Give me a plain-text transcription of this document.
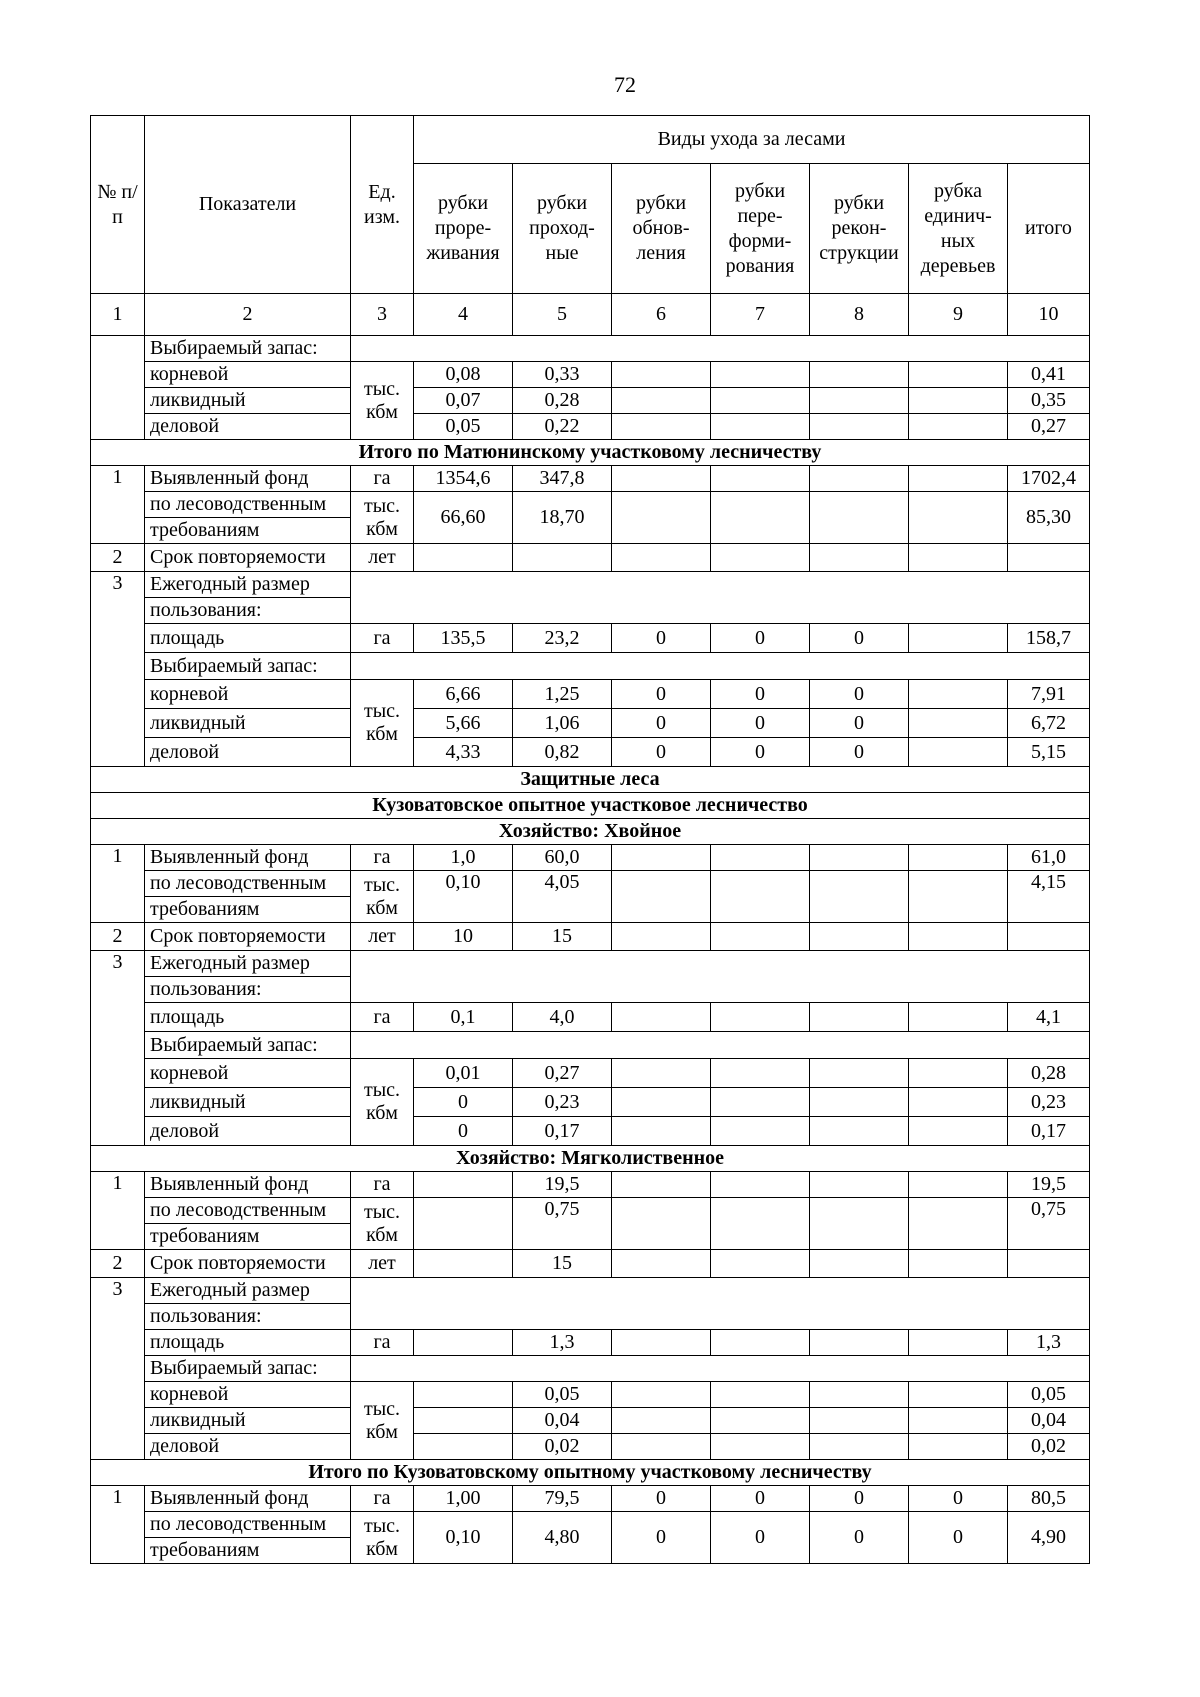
72
№ п/п	Показатели	Ед. изм.	Виды ухода за лесами						
			рубки проре-живания	рубки проход-ные	рубки обнов-ления	рубки пере-форми-рования	рубки рекон-струкции	рубка единич-ных деревьев	итого
1	2	3	4	5	6	7	8	9	10
	Выбираемый запас:								
	корневой	тыс. кбм	0,08	0,33					0,41
	ликвидный		0,07	0,28					0,35
	деловой		0,05	0,22					0,27
Итого по Матюнинскому участковому лесничеству									
1	Выявленный фонд	га	1354,6	347,8					1702,4
	по лесоводственным	тыс. кбм	66,60	18,70					85,30
	требованиям								
2	Срок повторяемости	лет							
3	Ежегодный размер								
	пользования:								
	площадь	га	135,5	23,2	0	0	0		158,7
	Выбираемый запас:								
	корневой	тыс. кбм	6,66	1,25	0	0	0		7,91
	ликвидный		5,66	1,06	0	0	0		6,72
	деловой		4,33	0,82	0	0	0		5,15
Защитные леса									
Кузоватовское опытное участковое лесничество									
Хозяйство: Хвойное									
1	Выявленный фонд	га	1,0	60,0					61,0
	по лесоводственным	тыс. кбм	0,10	4,05					4,15
	требованиям								
2	Срок повторяемости	лет	10	15					
3	Ежегодный размер								
	пользования:								
	площадь	га	0,1	4,0					4,1
	Выбираемый запас:								
	корневой	тыс. кбм	0,01	0,27					0,28
	ликвидный		0	0,23					0,23
	деловой		0	0,17					0,17
Хозяйство: Мягколиственное									
1	Выявленный фонд	га		19,5					19,5
	по лесоводственным	тыс. кбм		0,75					0,75
	требованиям								
2	Срок повторяемости	лет		15					
3	Ежегодный размер								
	пользования:								
	площадь	га		1,3					1,3
	Выбираемый запас:								
	корневой	тыс. кбм		0,05					0,05
	ликвидный			0,04					0,04
	деловой			0,02					0,02
Итого по Кузоватовскому опытному участковому лесничеству									
1	Выявленный фонд	га	1,00	79,5	0	0	0	0	80,5
	по лесоводственным	тыс. кбм	0,10	4,80	0	0	0	0	4,90
	требованиям								
